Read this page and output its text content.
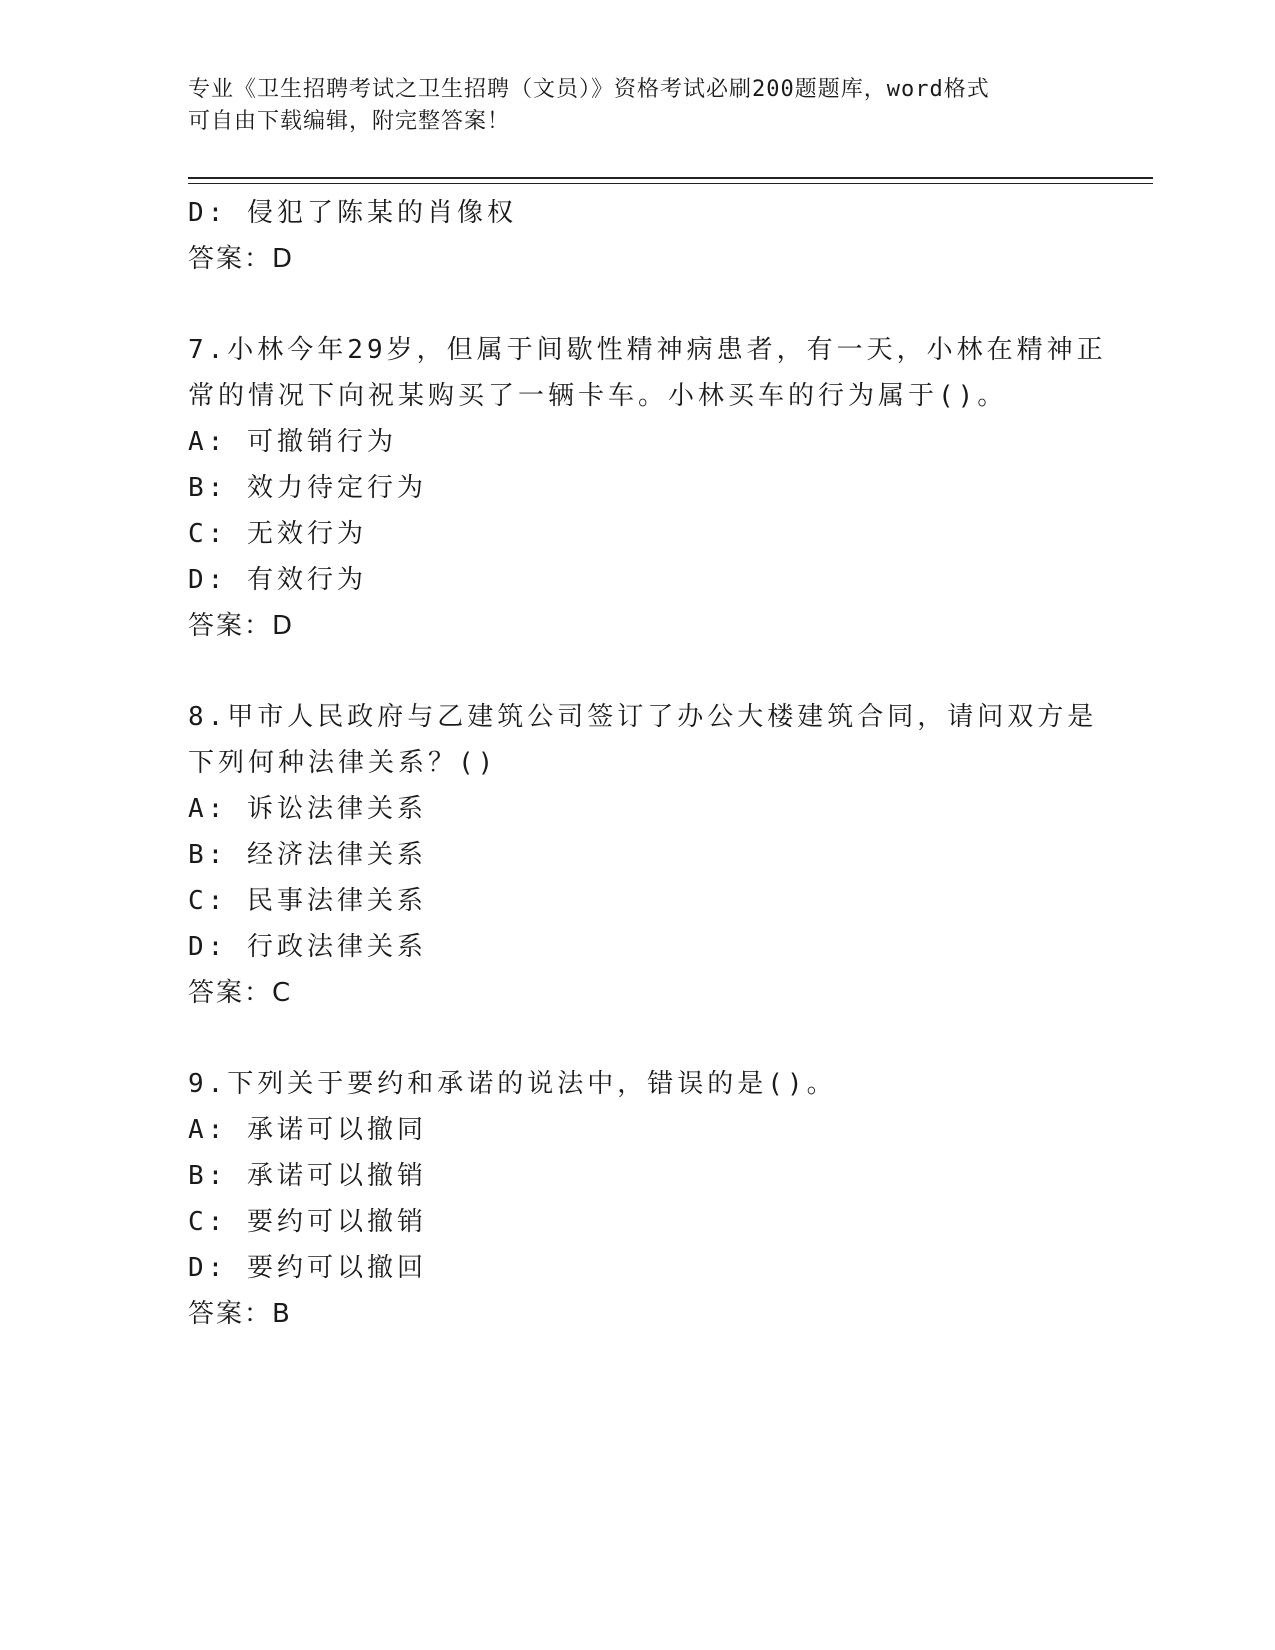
专业《卫生招聘考试之卫生招聘（文员）》资格考试必刷200题题库，word格式
可自由下载编辑，附完整答案！
D: 侵犯了陈某的肖像权
答案：D
7.小林今年29岁，但属于间歇性精神病患者，有一天，小林在精神正
常的情况下向祝某购买了一辆卡车。小林买车的行为属于()。
A: 可撤销行为
B: 效力待定行为
C: 无效行为
D: 有效行为
答案：D
8.甲市人民政府与乙建筑公司签订了办公大楼建筑合同，请问双方是
下列何种法律关系？()
A: 诉讼法律关系
B: 经济法律关系
C: 民事法律关系
D: 行政法律关系
答案：C
9.下列关于要约和承诺的说法中，错误的是()。
A: 承诺可以撤同
B: 承诺可以撤销
C: 要约可以撤销
D: 要约可以撤回
答案：B
